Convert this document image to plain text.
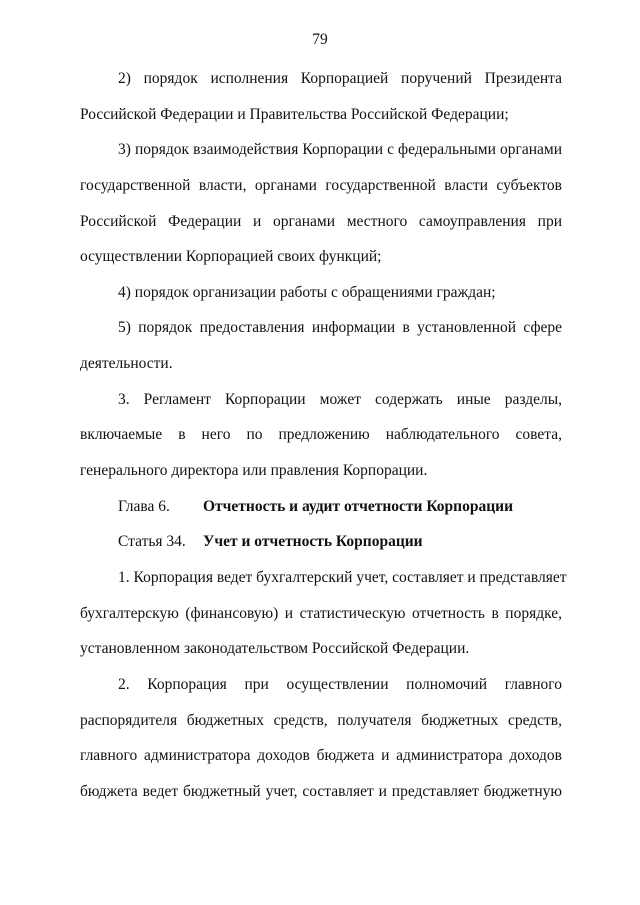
79
2) порядок исполнения Корпорацией поручений Президента
Российской Федерации и Правительства Российской Федерации;
3) порядок взаимодействия Корпорации с федеральными органами
государственной власти, органами государственной власти субъектов
Российской Федерации и органами местного самоуправления при
осуществлении Корпорацией своих функций;
4) порядок организации работы с обращениями граждан;
5) порядок предоставления информации в установленной сфере
деятельности.
3. Регламент Корпорации может содержать иные разделы,
включаемые в него по предложению наблюдательного совета,
генерального директора или правления Корпорации.
Глава 6. Отчетность и аудит отчетности Корпорации
Статья 34. Учет и отчетность Корпорации
1. Корпорация ведет бухгалтерский учет, составляет и представляет
бухгалтерскую (финансовую) и статистическую отчетность в порядке,
установленном законодательством Российской Федерации.
2. Корпорация при осуществлении полномочий главного
распорядителя бюджетных средств, получателя бюджетных средств,
главного администратора доходов бюджета и администратора доходов
бюджета ведет бюджетный учет, составляет и представляет бюджетную
